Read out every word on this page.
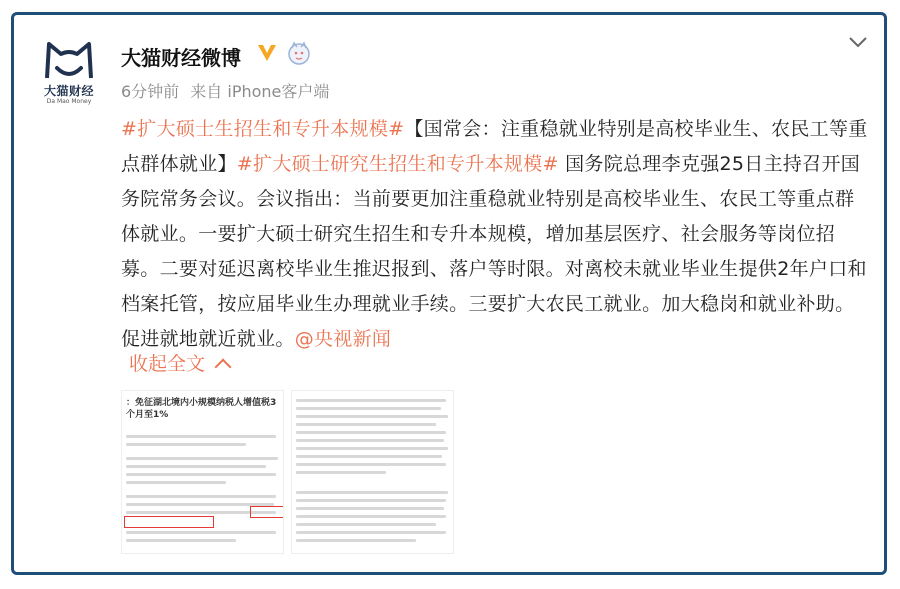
大猫财经
Da Mao Money
大猫财经微博
6分钟前 来自 iPhone客户端
#扩大硕士生招生和专升本规模#【国常会：注重稳就业特别是高校毕业生、农民工等重点群体就业】#扩大硕士研究生招生和专升本规模# 国务院总理李克强25日主持召开国务院常务会议。会议指出：当前要更加注重稳就业特别是高校毕业生、农民工等重点群体就业。一要扩大硕士研究生招生和专升本规模，增加基层医疗、社会服务等岗位招募。二要对延迟离校毕业生推迟报到、落户等时限。对离校未就业毕业生提供2年户口和档案托管，按应届毕业生办理就业手续。三要扩大农民工就业。加大稳岗和就业补助。促进就地就近就业。@央视新闻
收起全文
：免征湖北境内小规模纳税人增值税3个月至1%
